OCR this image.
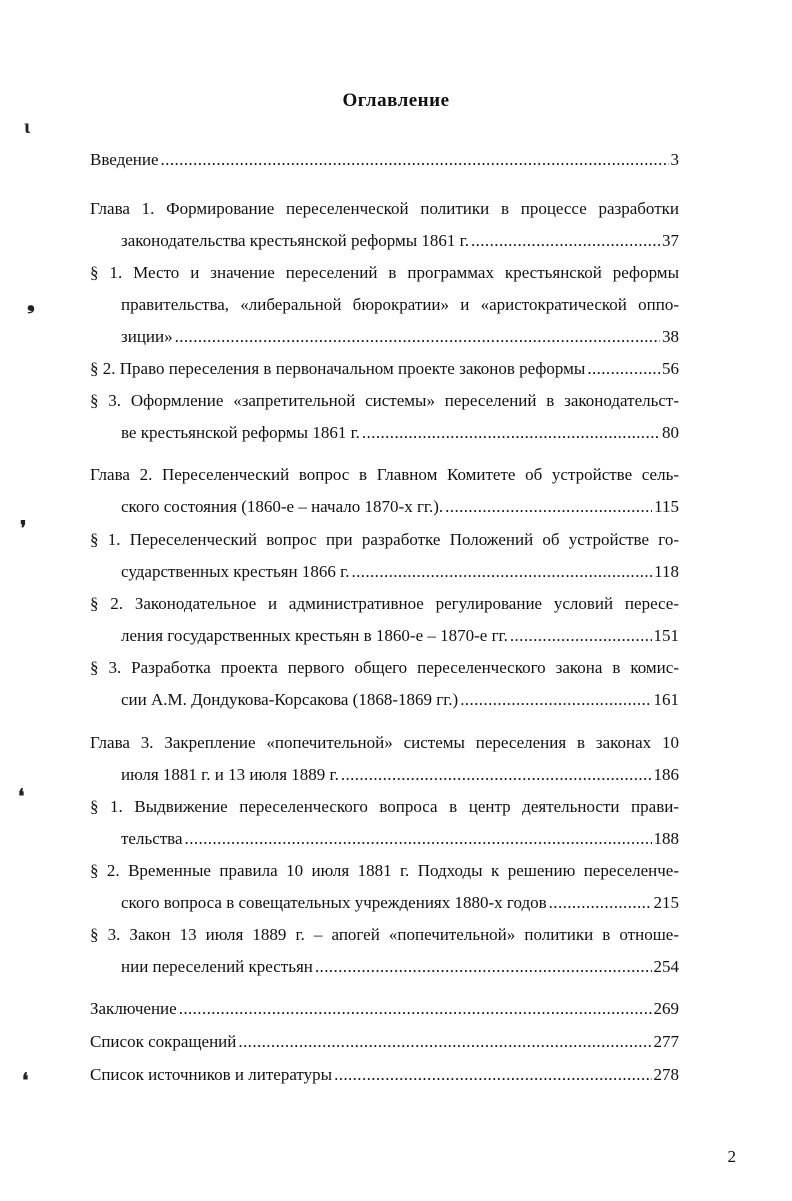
Оглавление
Введение .....	3
Глава 1. Формирование переселенческой политики в процессе разработки
законодательства крестьянской реформы 1861 г. .....	37
§ 1. Место и значение переселений в программах крестьянской реформы
правительства, «либеральной бюрократии» и «аристократической оппо-
зиции» .....	38
§ 2. Право переселения в первоначальном проекте законов реформы .....	56
§ 3. Оформление «запретительной системы» переселений в законодательст-
ве крестьянской реформы 1861 г. .....	80
Глава 2. Переселенческий вопрос в Главном Комитете об устройстве сель-
ского состояния (1860-е – начало 1870-х гг.). .....	115
§ 1. Переселенческий вопрос при разработке Положений об устройстве го-
сударственных крестьян 1866 г. .....	118
§ 2. Законодательное и административное регулирование условий пересе-
ления государственных крестьян в 1860-е – 1870-е гг. .....	151
§ 3. Разработка проекта первого общего переселенческого закона в комис-
сии А.М. Дондукова-Корсакова (1868-1869 гг.) .....	161
Глава 3. Закрепление «попечительной» системы переселения в законах 10
июля 1881 г. и 13 июля 1889 г. .....	186
§ 1. Выдвижение переселенческого вопроса в центр деятельности прави-
тельства .....	188
§ 2. Временные правила 10 июля 1881 г. Подходы к решению переселенче-
ского вопроса в совещательных учреждениях 1880-х годов .....	215
§ 3. Закон 13 июля 1889 г. – апогей «попечительной» политики в отноше-
нии переселений крестьян .....	254
Заключение .....	269
Список сокращений .....	277
Список источников и литературы .....	278
2
ɩ
❟
❜
❛
❛
